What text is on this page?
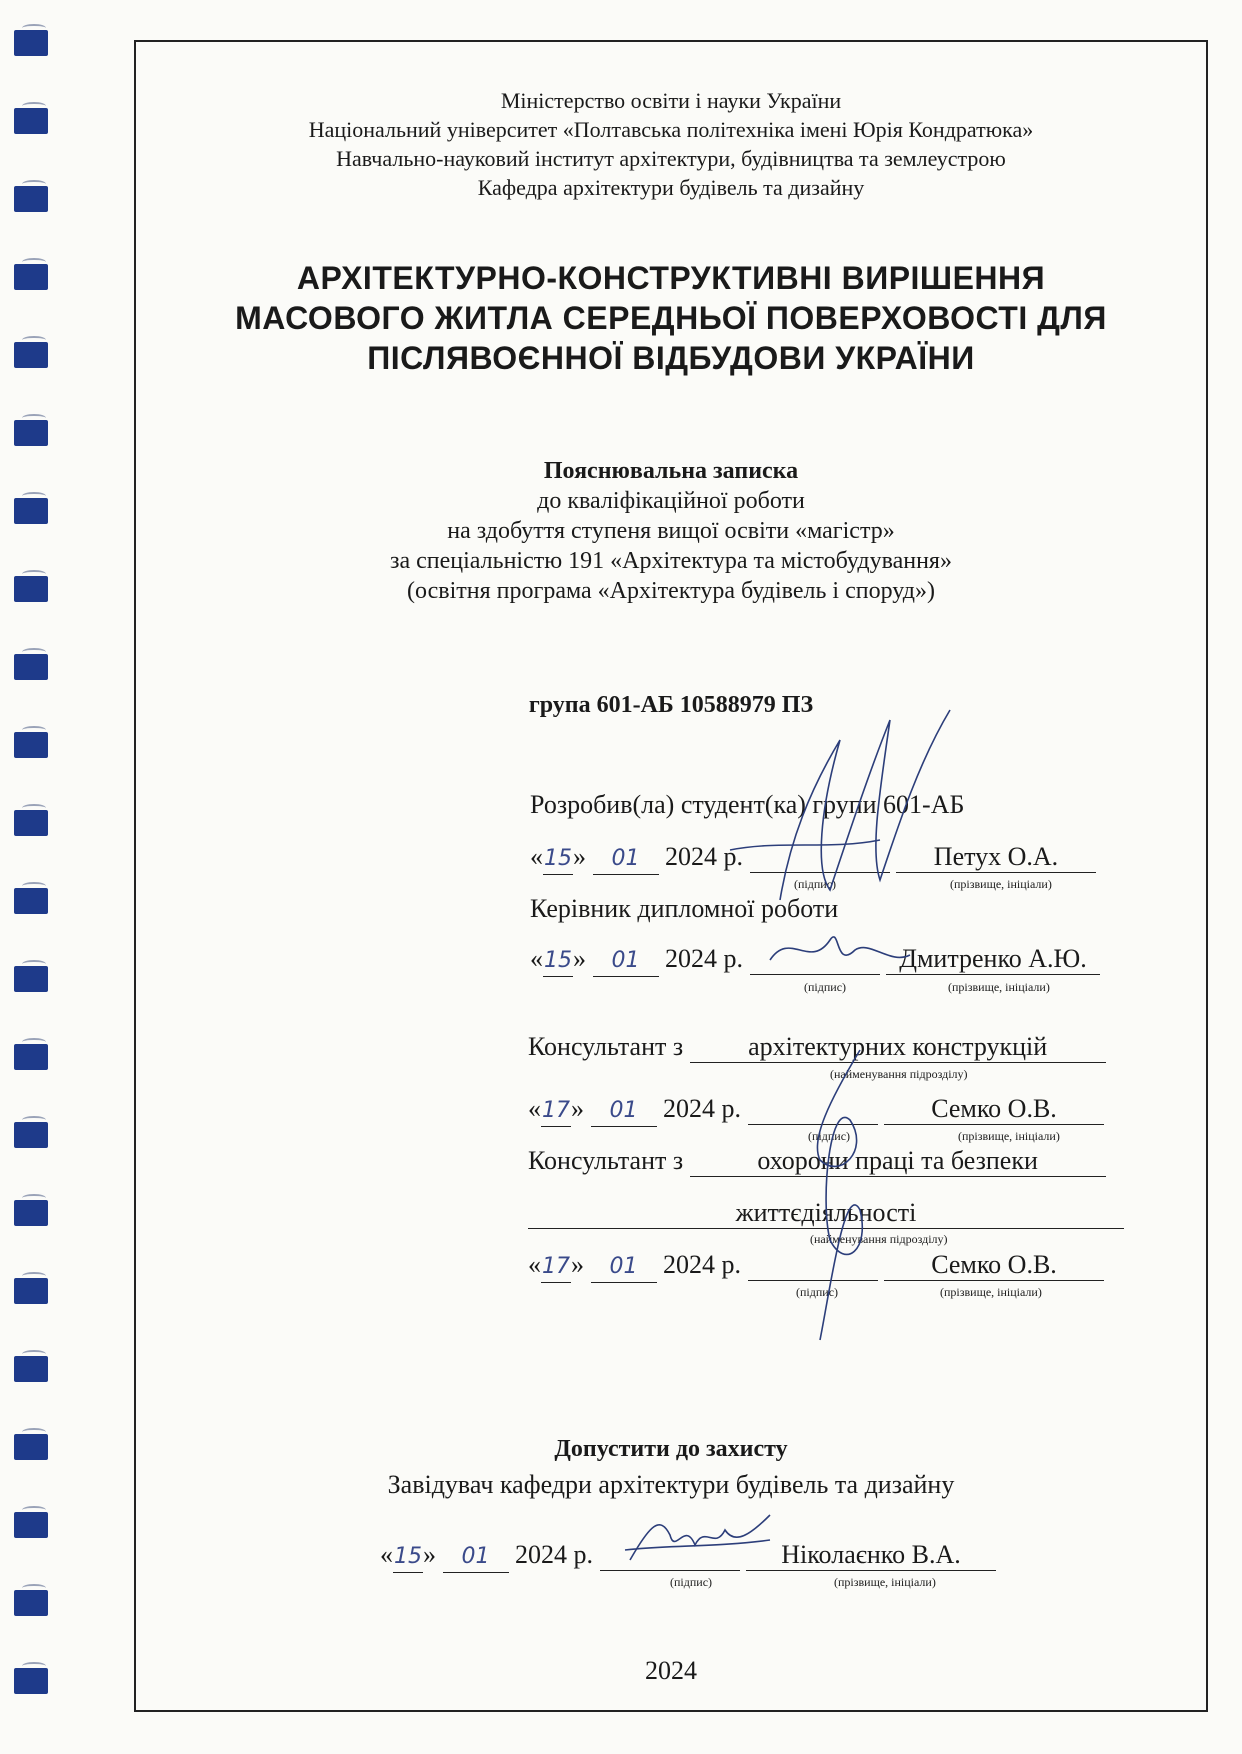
Міністерство освіти і науки України
Національний університет «Полтавська політехніка імені Юрія Кондратюка»
Навчально-науковий інститут архітектури, будівництва та землеустрою
Кафедра архітектури будівель та дизайну
АРХІТЕКТУРНО-КОНСТРУКТИВНІ ВИРІШЕННЯ
МАСОВОГО ЖИТЛА СЕРЕДНЬОЇ ПОВЕРХОВОСТІ ДЛЯ
ПІСЛЯВОЄННОЇ ВІДБУДОВИ УКРАЇНИ
Пояснювальна записка
до кваліфікаційної роботи
на здобуття ступеня вищої освіти «магістр»
за спеціальністю 191 «Архітектура та містобудування»
(освітня програма «Архітектура будівель і споруд»)
група 601-АБ 10588979 ПЗ
Розробив(ла) студент(ка) групи 601-АБ
«15» 01 2024 р.	Петух О.А.
(підпис)	(прізвище, ініціали)
Керівник дипломної роботи
«15» 01 2024 р.	Дмитренко А.Ю.
(підпис)	(прізвище, ініціали)
Консультант з архітектурних конструкцій
(найменування підрозділу)
«17» 01 2024 р.	Семко О.В.
(підпис)	(прізвище, ініціали)
Консультант з	охорони праці та безпеки
життєдіяльності
(найменування підрозділу)
«17» 01 2024 р.	Семко О.В.
(підпис)	(прізвище, ініціали)
Допустити до захисту
Завідувач кафедри архітектури будівель та дизайну
«15» 01 2024 р.	Ніколаєнко В.А.
(підпис)	(прізвище, ініціали)
2024
